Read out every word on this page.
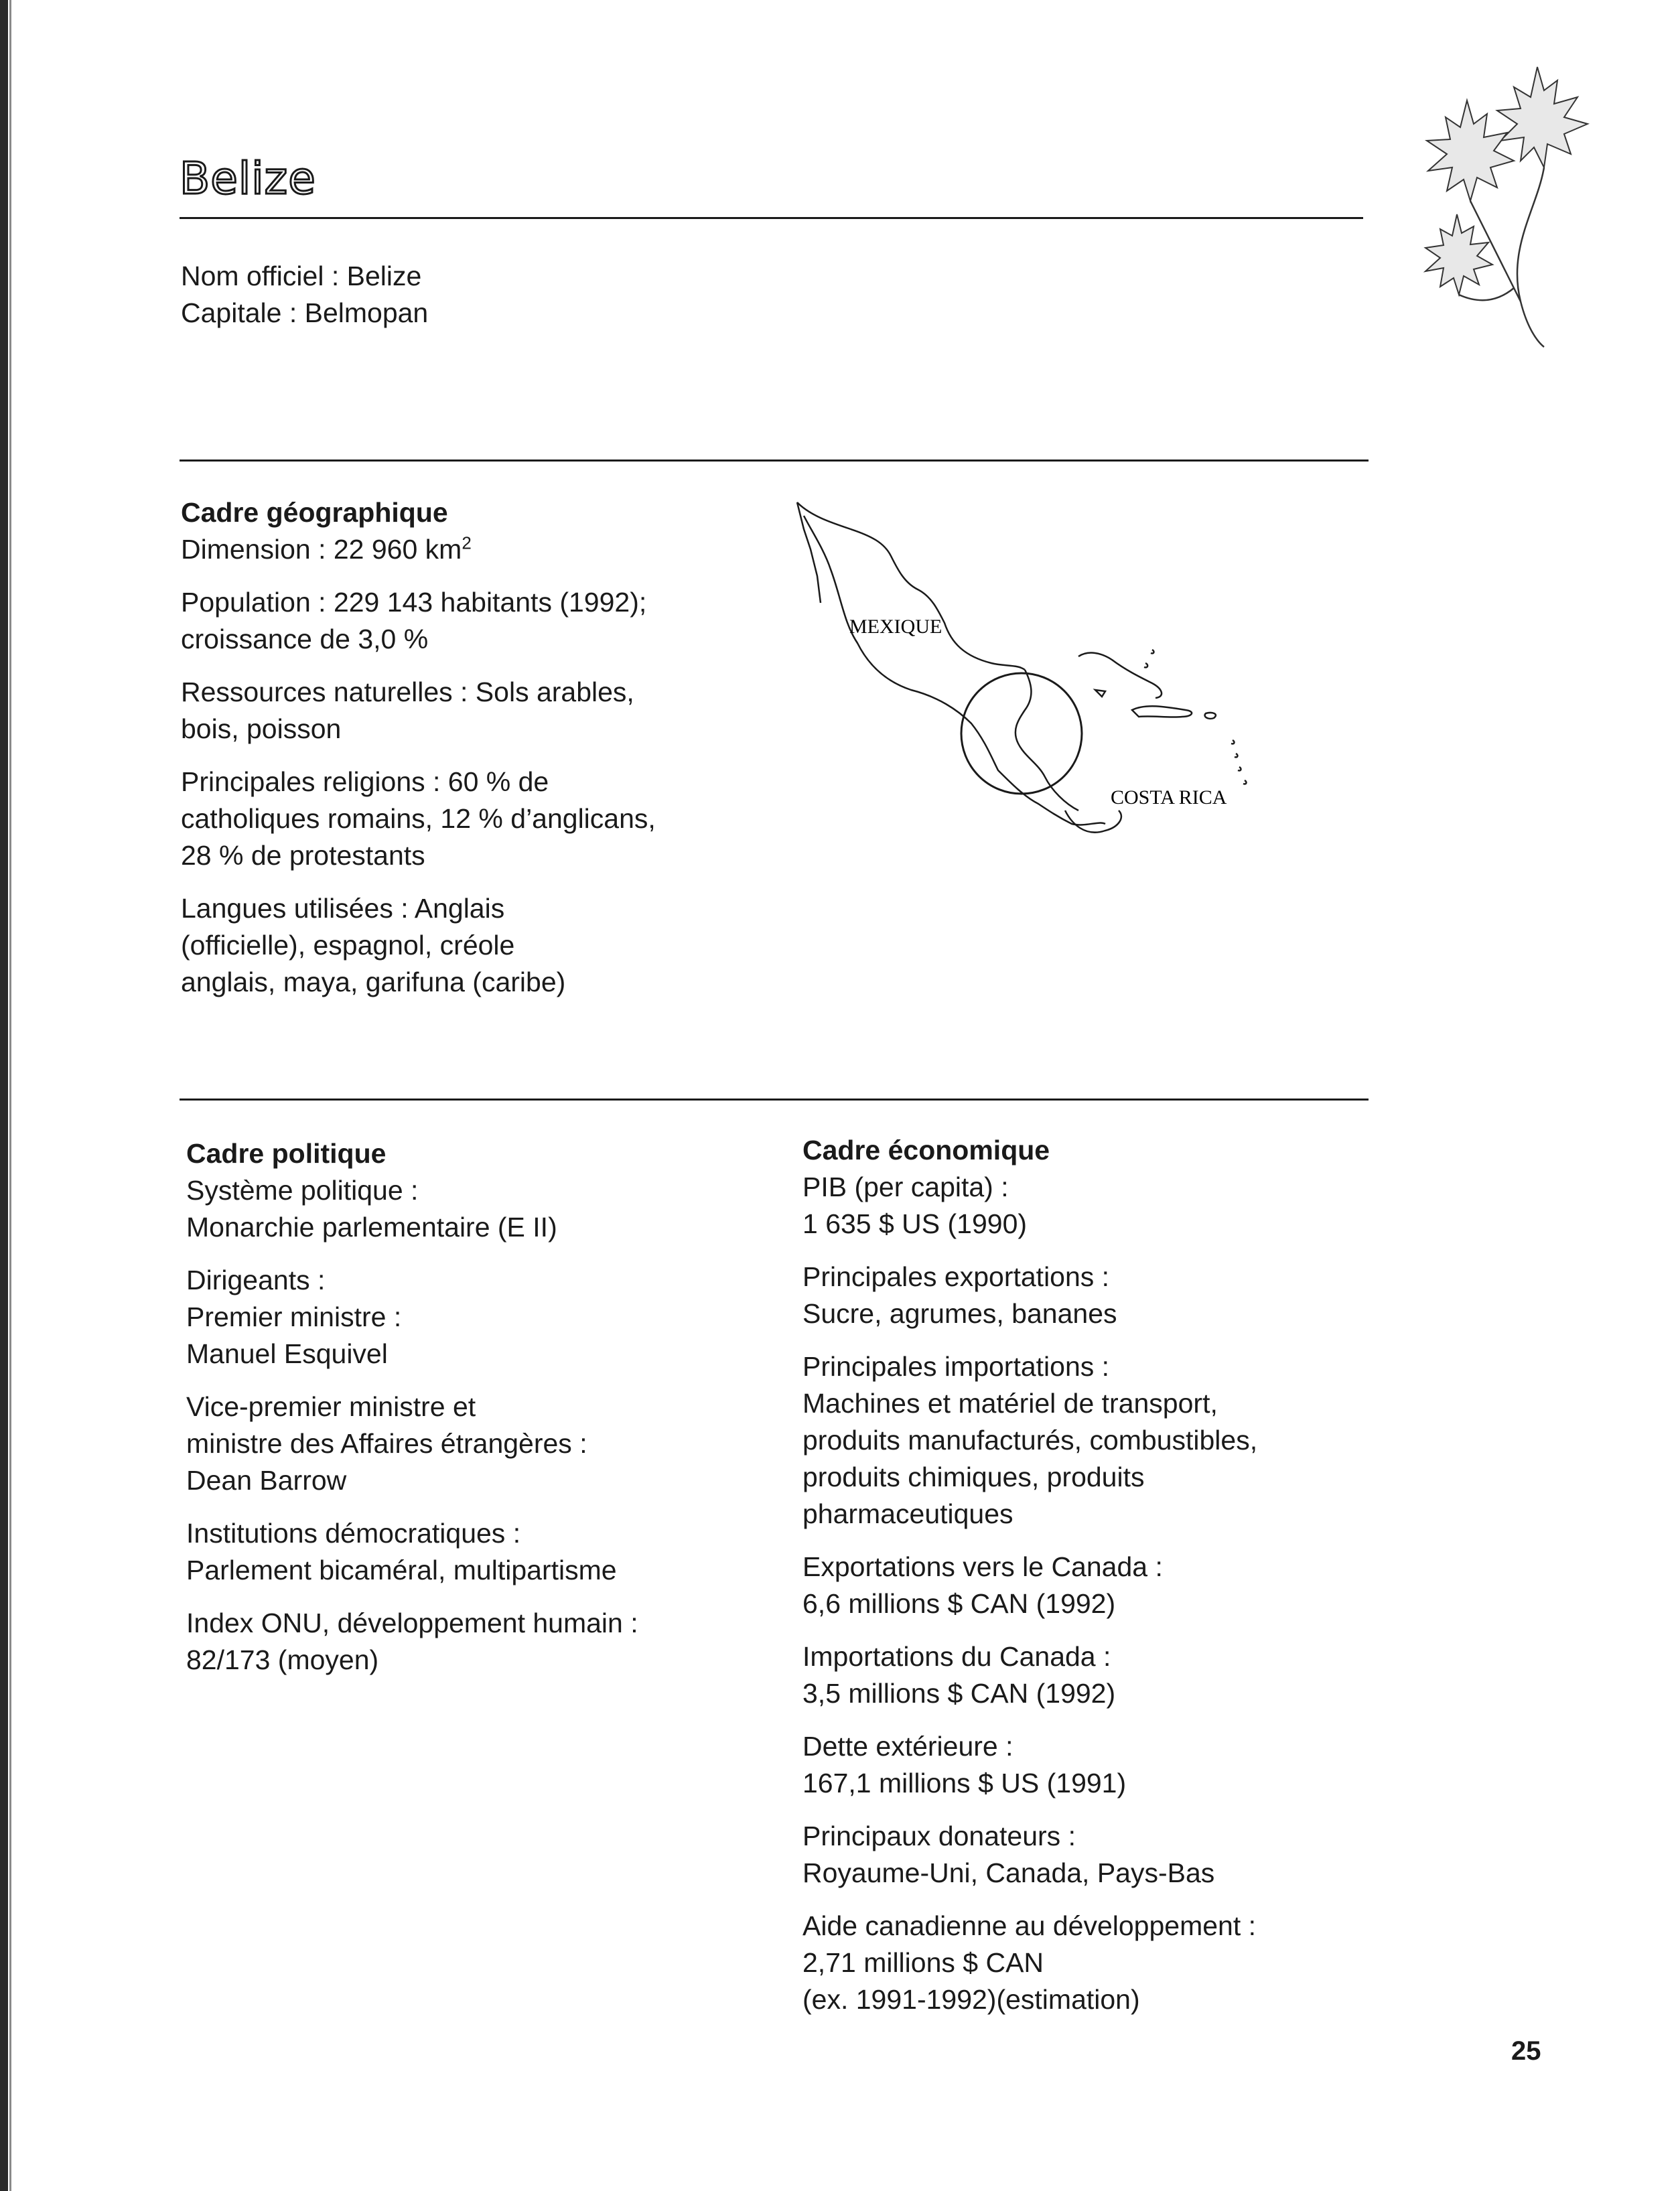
Belize
Nom officiel : Belize
Capitale : Belmopan
Cadre géographique
Dimension : 22 960 $km^2$
Population : 229 143 habitants (1992);
croissance de 3,0 %
Ressources naturelles : Sols arables,
bois, poisson
Principales religions : 60 % de
catholiques romains, 12 % d’anglicans,
28 % de protestants
Langues utilisées : Anglais
(officielle), espagnol, créole
anglais, maya, garifuna (caribe)
MEXIQUE
COSTA RICA
Cadre politique
Système politique :
Monarchie parlementaire (E II)
Dirigeants :
Premier ministre :
Manuel Esquivel
Vice-premier ministre et
ministre des Affaires étrangères :
Dean Barrow
Institutions démocratiques :
Parlement bicaméral, multipartisme
Index ONU, développement humain :
82/173 (moyen)
Cadre économique
PIB (per capita) :
1 635 $ US (1990)
Principales exportations :
Sucre, agrumes, bananes
Principales importations :
Machines et matériel de transport,
produits manufacturés, combustibles,
produits chimiques, produits
pharmaceutiques
Exportations vers le Canada :
6,6 millions $ CAN (1992)
Importations du Canada :
3,5 millions $ CAN (1992)
Dette extérieure :
167,1 millions $ US (1991)
Principaux donateurs :
Royaume-Uni, Canada, Pays-Bas
Aide canadienne au développement :
2,71 millions $ CAN
(ex. 1991-1992)(estimation)
25
